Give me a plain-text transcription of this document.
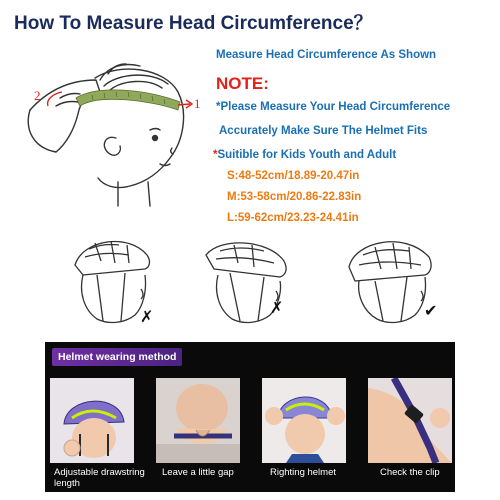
How To Measure Head Circumference？
2
1
Measure Head Circumference As Shown
NOTE:
*Please Measure Your Head Circumference
Accurately Make Sure The Helmet Fits
*Suitible for Kids Youth and Adult
S:48-52cm/18.89-20.47in
M:53-58cm/20.86-22.83in
L:59-62cm/23.23-24.41in
✗
✗	✔
Helmet wearing method
Adjustable drawstring length
Leave a little gap	Righting helmet	Check the clip
